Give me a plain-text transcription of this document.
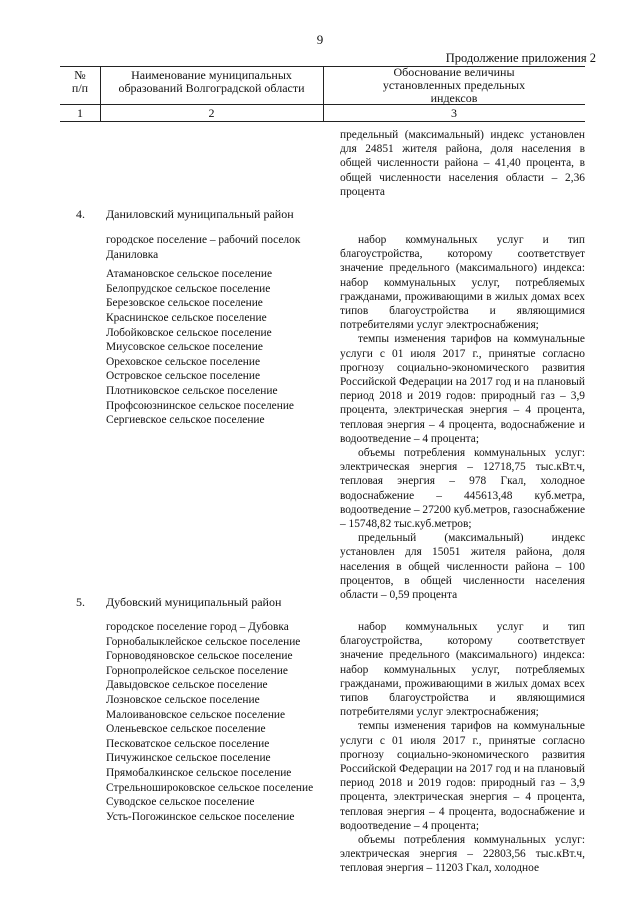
9
Продолжение приложения 2
№
п/п
Наименование муниципальных
образований Волгоградской области
Обоснование величины
установленных предельных
индексов
1	2	3
предельный (максимальный) индекс установлен для 24851 жителя района, доля населения в общей численности района – 41,40 процента, в общей численности населения области – 2,36 процента
4. Даниловский муниципальный район
городское поселение – рабочий поселок
Даниловка
Атамановское сельское поселение
Белопрудское сельское поселение
Березовское сельское поселение
Краснинское сельское поселение
Лобойковское сельское поселение
Миусовское сельское поселение
Ореховское сельское поселение
Островское сельское поселение
Плотниковское сельское поселение
Профсоюзнинское сельское поселение
Сергиевское сельское поселение
набор коммунальных услуг и тип благоустройства, которому соответствует значение предельного (максимального) индекса: набор коммунальных услуг, потребляемых гражданами, проживающими в жилых домах всех типов благоустройства и являющимися потребителями услуг электроснабжения;
темпы изменения тарифов на коммунальные услуги с 01 июля 2017 г., принятые согласно прогнозу социально-экономического развития Российской Федерации на 2017 год и на плановый период 2018 и 2019 годов: природный газ – 3,9 процента, электрическая энергия – 4 процента, тепловая энергия – 4 процента, водоснабжение и водоотведение – 4 процента;
объемы потребления коммунальных услуг: электрическая энергия – 12718,75 тыс.кВт.ч, тепловая энергия – 978 Гкал, холодное водоснабжение – 445613,48 куб.метра, водоотведение – 27200 куб.метров, газоснабжение – 15748,82 тыс.куб.метров;
предельный (максимальный) индекс установлен для 15051 жителя района, доля населения в общей численности района – 100 процентов, в общей численности населения области – 0,59 процента
5. Дубовский муниципальный район
городское поселение город – Дубовка
Горнобалыклейское сельское поселение
Горноводяновское сельское поселение
Горнопролейское сельское поселение
Давыдовское сельское поселение
Лозновское сельское поселение
Малоивановское сельское поселение
Оленьевское сельское поселение
Песковатское сельское поселение
Пичужинское сельское поселение
Прямобалкинское сельское поселение
Стрельношироковское сельское поселение
Суводское сельское поселение
Усть-Погожинское сельское поселение
набор коммунальных услуг и тип благоустройства, которому соответствует значение предельного (максимального) индекса: набор коммунальных услуг, потребляемых гражданами, проживающими в жилых домах всех типов благоустройства и являющимися потребителями услуг электроснабжения;
темпы изменения тарифов на коммунальные услуги с 01 июля 2017 г., принятые согласно прогнозу социально-экономического развития Российской Федерации на 2017 год и на плановый период 2018 и 2019 годов: природный газ – 3,9 процента, электрическая энергия – 4 процента, тепловая энергия – 4 процента, водоснабжение и водоотведение – 4 процента;
объемы потребления коммунальных услуг: электрическая энергия – 22803,56 тыс.кВт.ч, тепловая энергия – 11203 Гкал, холодное
